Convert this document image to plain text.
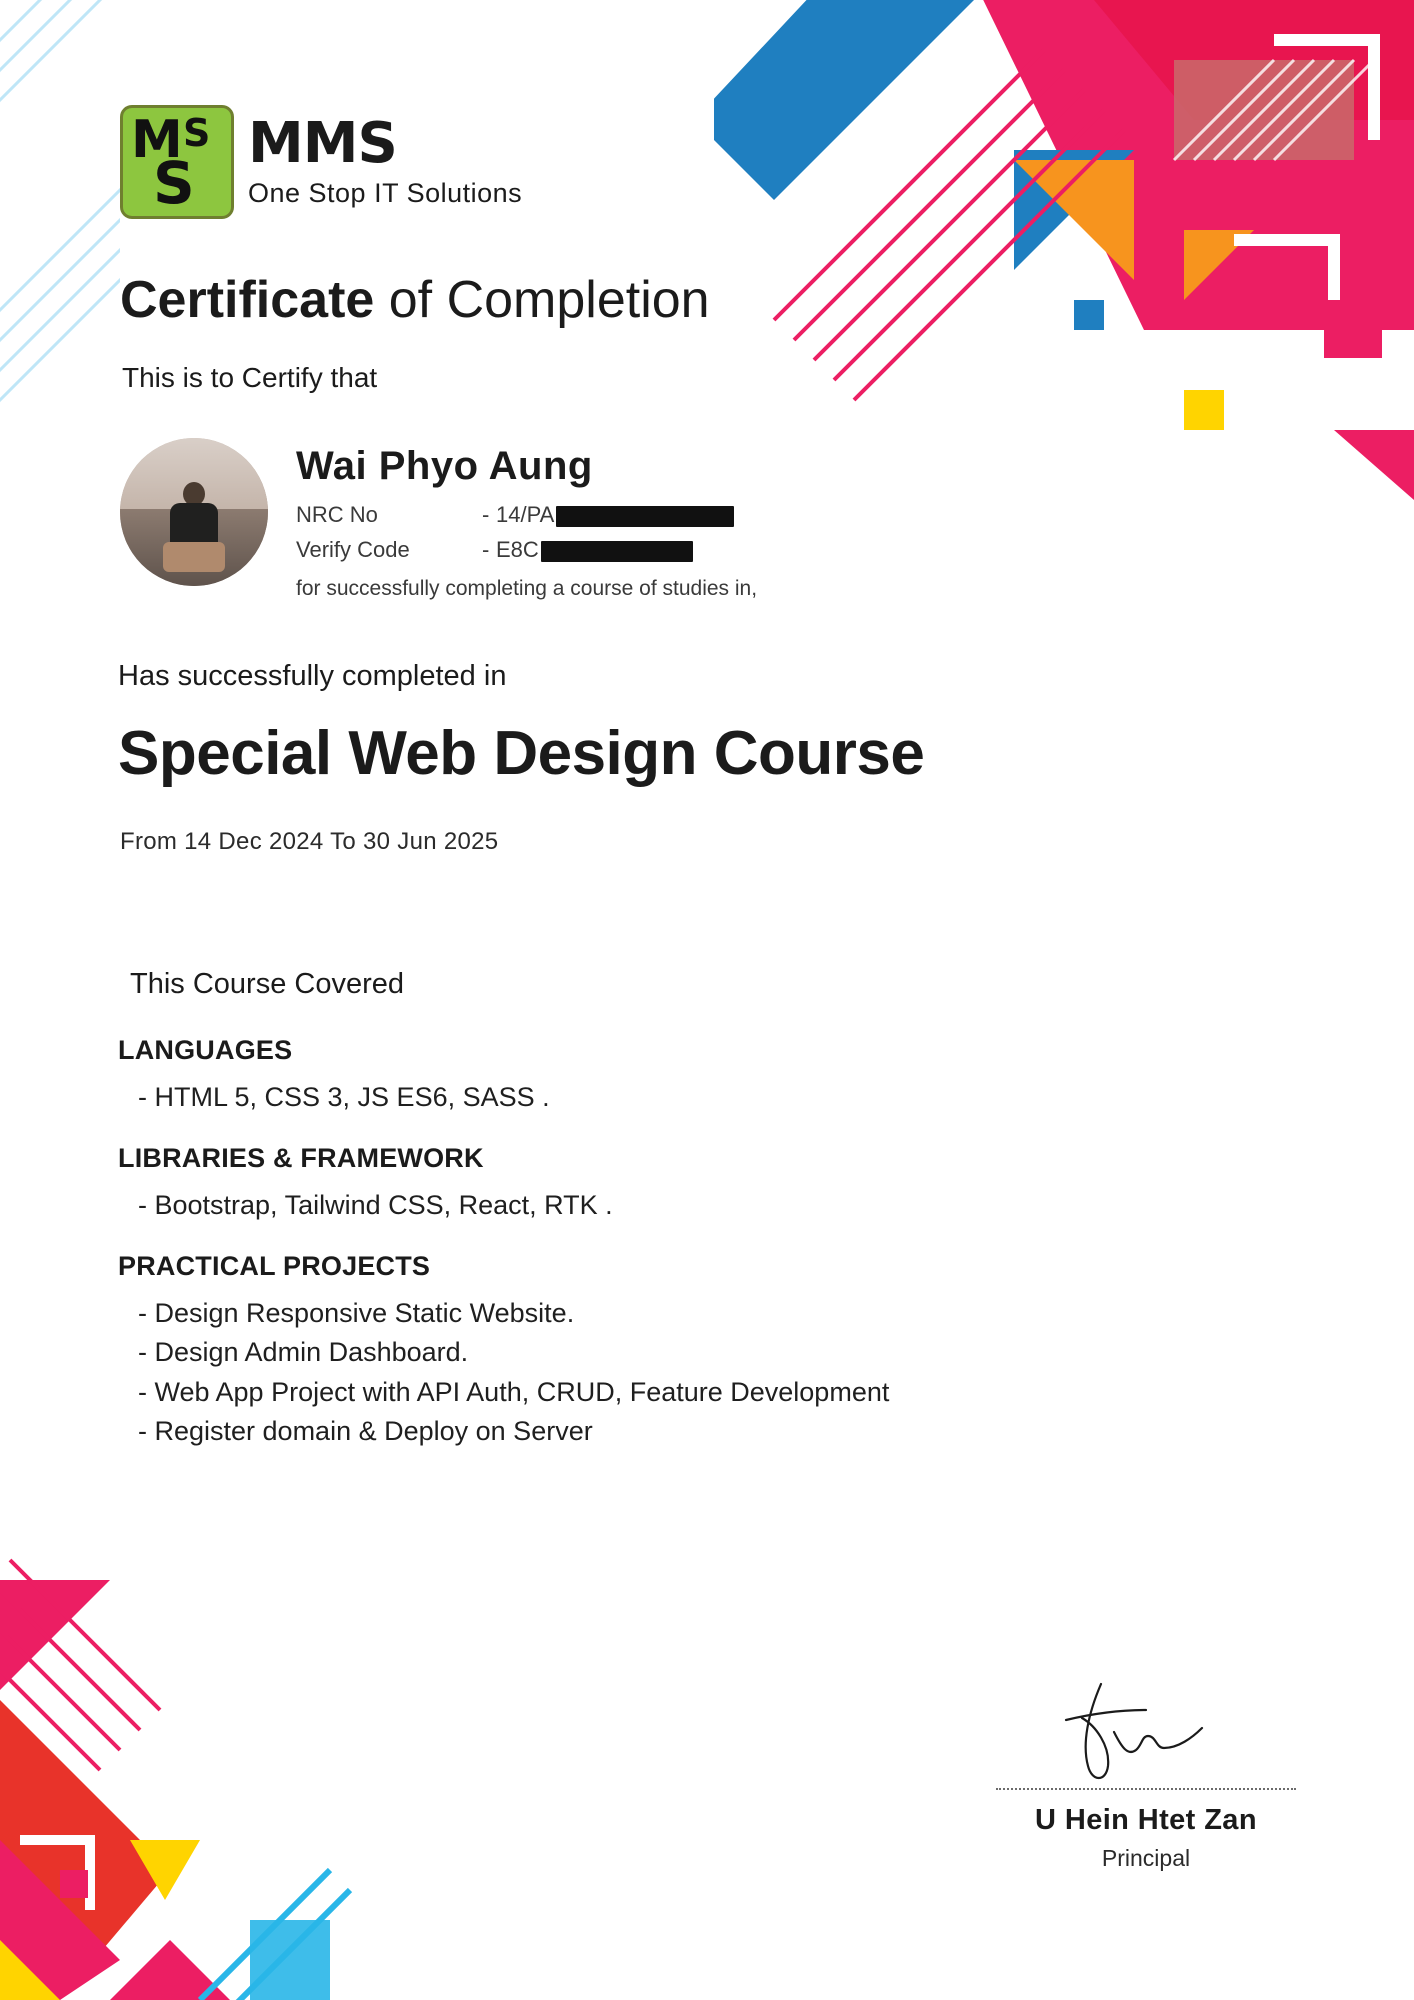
M S
S
MMS
One Stop IT Solutions
Certificate of Completion
This is to Certify that
Wai Phyo Aung
NRC No	- 14/PA
Verify Code	- E8C
for successfully completing a course of studies in,
Has successfully completed in
Special Web Design Course
From 14 Dec 2024 To 30 Jun 2025
This Course Covered
LANGUAGES
- HTML 5, CSS 3, JS ES6, SASS .
LIBRARIES & FRAMEWORK
- Bootstrap, Tailwind CSS, React, RTK .
PRACTICAL PROJECTS
- Design Responsive Static Website.
- Design Admin Dashboard.
- Web App Project with API Auth, CRUD, Feature Development
- Register domain & Deploy on Server
U Hein Htet Zan
Principal
